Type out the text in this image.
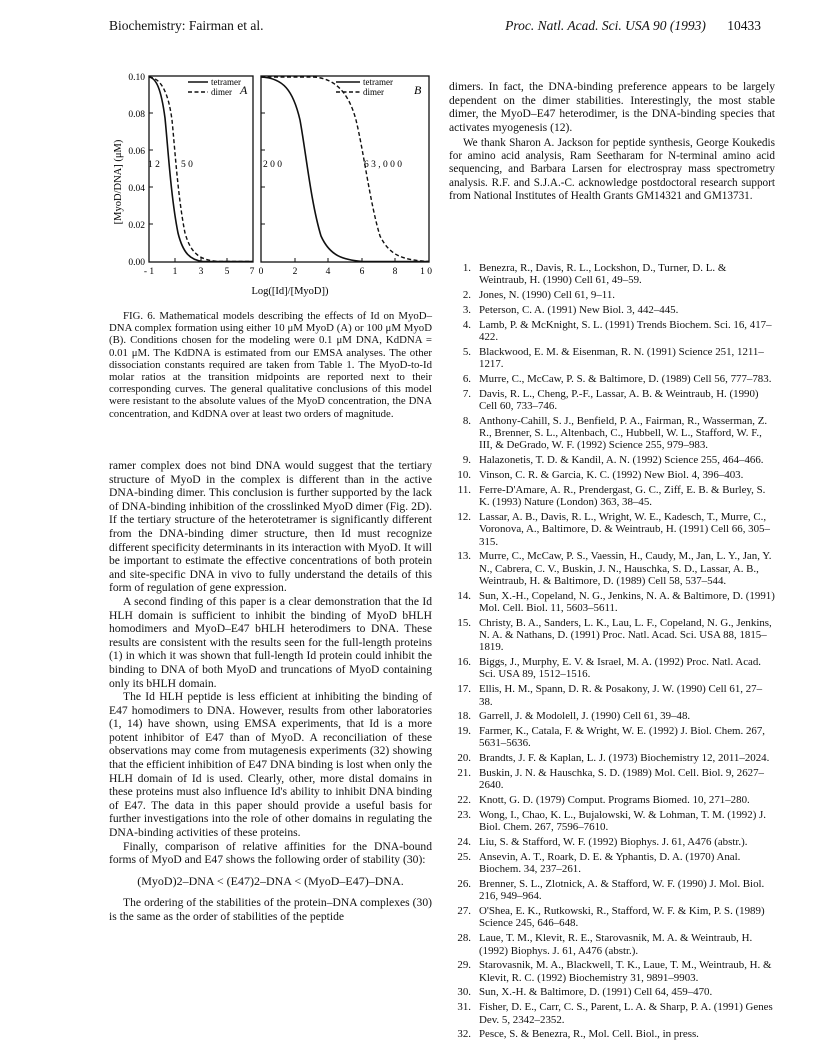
Biochemistry: Fairman et al.	Proc. Natl. Acad. Sci. USA 90 (1993) 10433
[MyoD/DNA] (μM)
0.10
0.08
0.06
0.04
0.02
0.00
1 2 5 0
tetramer
dimer A
- 1 1 3 5 7
2 0 0	6 3 , 0 0 0
tetramer
dimer	B
0	2	4	6	8 1 0
Log([Id]/[MyoD])

FIG. 6. Mathematical models describing the effects of Id on MyoD–DNA complex formation using either 10 μM MyoD (A) or 100 μM MyoD (B). Conditions chosen for the modeling were 0.1 μM DNA, KdDNA = 0.01 μM. The KdDNA is estimated from our EMSA analyses. The other dissociation constants required are taken from Table 1. The MyoD-to-Id molar ratios at the transition midpoints are reported next to their corresponding curves. The general qualitative conclusions of this model were resistant to the absolute values of the MyoD concentration, the DNA concentration, and KdDNA over at least two orders of magnitude.

ramer complex does not bind DNA would suggest that the tertiary structure of MyoD in the complex is different than in the active DNA-binding dimer. This conclusion is further supported by the lack of DNA-binding inhibition of the crosslinked MyoD dimer (Fig. 2D). If the tertiary structure of the heterotetramer is significantly different from the DNA-binding dimer structure, then Id must recognize different specificity determinants in its interaction with MyoD. It will be important to estimate the effective concentrations of both protein and site-specific DNA in vivo to fully understand the details of this form of regulation of gene expression.

A second finding of this paper is a clear demonstration that the Id HLH domain is sufficient to inhibit the binding of MyoD bHLH homodimers and MyoD–E47 bHLH heterodimers to DNA. These results are consistent with the results seen for the full-length proteins (1) in which it was shown that full-length Id protein could inhibit the binding to DNA of both MyoD and truncations of MyoD containing only its bHLH domain.

The Id HLH peptide is less efficient at inhibiting the binding of E47 homodimers to DNA. However, results from other laboratories (1, 14) have shown, using EMSA experiments, that Id is a more potent inhibitor of E47 than of MyoD. A reconciliation of these observations may come from mutagenesis experiments (32) showing that the efficient inhibition of E47 DNA binding is lost when only the HLH domain of Id is used. Clearly, other, more distal domains in these proteins must also influence Id's ability to inhibit DNA binding of E47. The data in this paper should provide a useful basis for further investigations into the role of other domains in regulating the DNA-binding activities of these proteins.

Finally, comparison of relative affinities for the DNA-bound forms of MyoD and E47 shows the following order of stability (30):

(MyoD)2–DNA < (E47)2–DNA < (MyoD–E47)–DNA.

The ordering of the stabilities of the protein–DNA complexes (30) is the same as the order of stabilities of the peptide

dimers. In fact, the DNA-binding preference appears to be largely dependent on the dimer stabilities. Interestingly, the most stable dimer, the MyoD–E47 heterodimer, is the DNA-binding species that activates myogenesis (12).

We thank Sharon A. Jackson for peptide synthesis, George Koukedis for amino acid analysis, Ram Seetharam for N-terminal amino acid sequencing, and Barbara Larsen for electrospray mass spectrometry analysis. R.F. and S.J.A.-C. acknowledge postdoctoral research support from National Institutes of Health Grants GM14321 and GM13731.
1. Benezra, R., Davis, R. L., Lockshon, D., Turner, D. L. & Weintraub, H. (1990) Cell 61, 49–59.
2. Jones, N. (1990) Cell 61, 9–11.
3. Peterson, C. A. (1991) New Biol. 3, 442–445.
4. Lamb, P. & McKnight, S. L. (1991) Trends Biochem. Sci. 16, 417–422.
5. Blackwood, E. M. & Eisenman, R. N. (1991) Science 251, 1211–1217.
6. Murre, C., McCaw, P. S. & Baltimore, D. (1989) Cell 56, 777–783.
7. Davis, R. L., Cheng, P.-F., Lassar, A. B. & Weintraub, H. (1990) Cell 60, 733–746.
8. Anthony-Cahill, S. J., Benfield, P. A., Fairman, R., Wasserman, Z. R., Brenner, S. L., Altenbach, C., Hubbell, W. L., Stafford, W. F., III, & DeGrado, W. F. (1992) Science 255, 979–983.
9. Halazonetis, T. D. & Kandil, A. N. (1992) Science 255, 464–466.
10. Vinson, C. R. & Garcia, K. C. (1992) New Biol. 4, 396–403.
11. Ferre-D'Amare, A. R., Prendergast, G. C., Ziff, E. B. & Burley, S. K. (1993) Nature (London) 363, 38–45.
12. Lassar, A. B., Davis, R. L., Wright, W. E., Kadesch, T., Murre, C., Voronova, A., Baltimore, D. & Weintraub, H. (1991) Cell 66, 305–315.
13. Murre, C., McCaw, P. S., Vaessin, H., Caudy, M., Jan, L. Y., Jan, Y. N., Cabrera, C. V., Buskin, J. N., Hauschka, S. D., Lassar, A. B., Weintraub, H. & Baltimore, D. (1989) Cell 58, 537–544.
14. Sun, X.-H., Copeland, N. G., Jenkins, N. A. & Baltimore, D. (1991) Mol. Cell. Biol. 11, 5603–5611.
15. Christy, B. A., Sanders, L. K., Lau, L. F., Copeland, N. G., Jenkins, N. A. & Nathans, D. (1991) Proc. Natl. Acad. Sci. USA 88, 1815–1819.
16. Biggs, J., Murphy, E. V. & Israel, M. A. (1992) Proc. Natl. Acad. Sci. USA 89, 1512–1516.
17. Ellis, H. M., Spann, D. R. & Posakony, J. W. (1990) Cell 61, 27–38.
18. Garrell, J. & Modolell, J. (1990) Cell 61, 39–48.
19. Farmer, K., Catala, F. & Wright, W. E. (1992) J. Biol. Chem. 267, 5631–5636.
20. Brandts, J. F. & Kaplan, L. J. (1973) Biochemistry 12, 2011–2024.
21. Buskin, J. N. & Hauschka, S. D. (1989) Mol. Cell. Biol. 9, 2627–2640.
22. Knott, G. D. (1979) Comput. Programs Biomed. 10, 271–280.
23. Wong, I., Chao, K. L., Bujalowski, W. & Lohman, T. M. (1992) J. Biol. Chem. 267, 7596–7610.
24. Liu, S. & Stafford, W. F. (1992) Biophys. J. 61, A476 (abstr.).
25. Ansevin, A. T., Roark, D. E. & Yphantis, D. A. (1970) Anal. Biochem. 34, 237–261.
26. Brenner, S. L., Zlotnick, A. & Stafford, W. F. (1990) J. Mol. Biol. 216, 949–964.
27. O'Shea, E. K., Rutkowski, R., Stafford, W. F. & Kim, P. S. (1989) Science 245, 646–648.
28. Laue, T. M., Klevit, R. E., Starovasnik, M. A. & Weintraub, H. (1992) Biophys. J. 61, A476 (abstr.).
29. Starovasnik, M. A., Blackwell, T. K., Laue, T. M., Weintraub, H. & Klevit, R. C. (1992) Biochemistry 31, 9891–9903.
30. Sun, X.-H. & Baltimore, D. (1991) Cell 64, 459–470.
31. Fisher, D. E., Carr, C. S., Parent, L. A. & Sharp, P. A. (1991) Genes Dev. 5, 2342–2352.
32. Pesce, S. & Benezra, R., Mol. Cell. Biol., in press.
